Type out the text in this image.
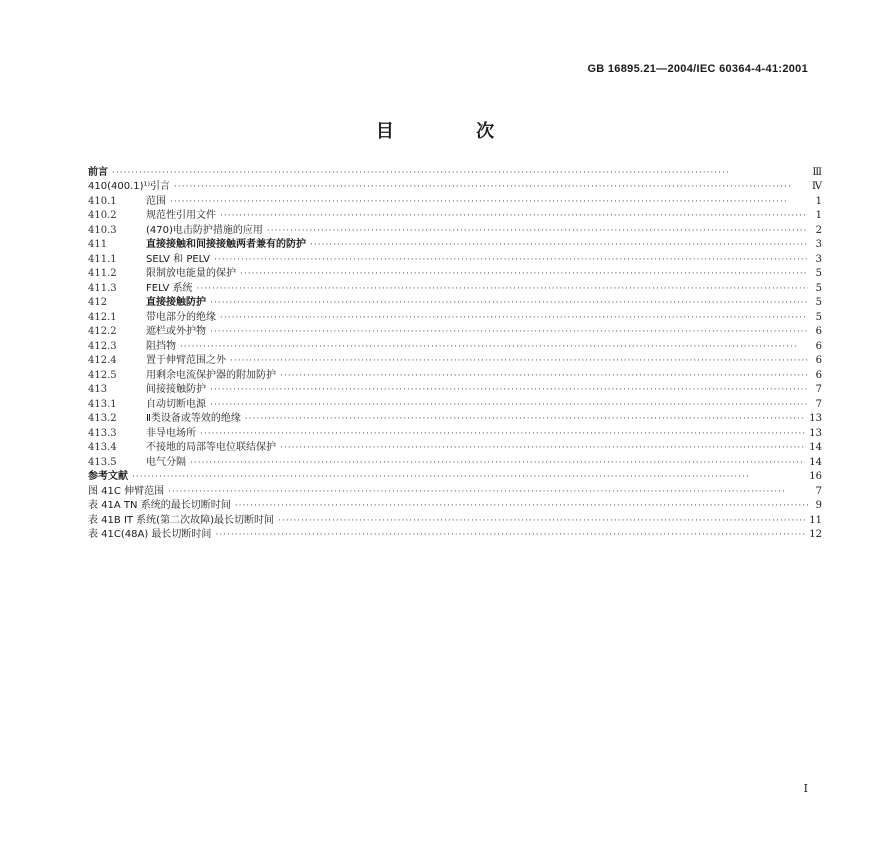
GB 16895.21—2004/IEC 60364-4-41:2001
目 次
前言 ·····	Ⅲ
410(400.1)¹⁾引言 ·····	Ⅳ
410.1	范围 ·····	1
410.2	规范性引用文件 ·····	1
410.3	(470)电击防护措施的应用 ·····	2
411	直接接触和间接接触两者兼有的防护 ·····	3
411.1	SELV 和 PELV ·····	3
411.2	限制放电能量的保护 ·····	5
411.3	FELV 系统 ·····	5
412	直接接触防护 ·····	5
412.1	带电部分的绝缘 ·····	5
412.2	遮栏或外护物 ·····	6
412.3	阻挡物 ·····	6
412.4	置于伸臂范围之外 ·····	6
412.5	用剩余电流保护器的附加防护 ·····	6
413	间接接触防护 ·····	7
413.1	自动切断电源 ·····	7
413.2	Ⅱ类设备或等效的绝缘 ·····	13
413.3	非导电场所 ·····	13
413.4	不接地的局部等电位联结保护 ·····	14
413.5	电气分隔 ·····	14
参考文献 ·····	16
图 41C 伸臂范围 ·····	7
表 41A TN 系统的最长切断时间 ·····	9
表 41B IT 系统(第二次故障)最长切断时间 ·····	11
表 41C(48A) 最长切断时间 ·····	12
I
